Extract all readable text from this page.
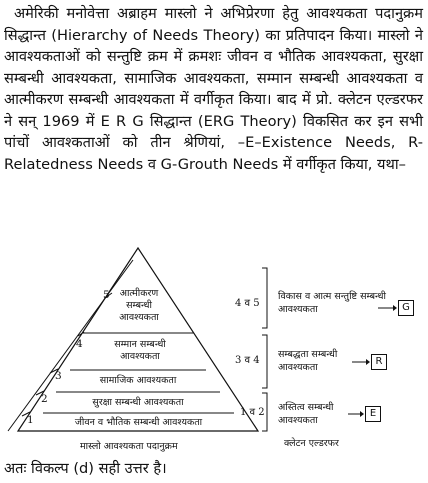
अमेरिकी मनोवेत्ता अब्राहम मास्लो ने अभिप्रेरणा हेतु आवश्यकता पदानुक्रम सिद्धान्त (Hierarchy of Needs Theory) का प्रतिपादन किया। मास्लो ने आवश्यकताओं को सन्तुष्टि क्रम में क्रमशः जीवन व भौतिक आवश्यकता, सुरक्षा सम्बन्धी आवश्यकता, सामाजिक आवश्यकता, सम्मान सम्बन्धी आवश्यकता व आत्मीकरण सम्बन्धी आवश्यकता में वर्गीकृत किया। बाद में प्रो. क्लेटन एल्डरफर ने सन् 1969 में E R G सिद्धान्त (ERG Theory) विकसित कर इन सभी पांचों आवश्कताओं को तीन श्रेणियां, –E–Existence Needs, R-Relatedness Needs व G-Grouth Needs में वर्गीकृत किया, यथा–
5	आत्मीकरण सम्बन्धी आवश्यकता
4	सम्मान सम्बन्धी आवश्यकता
3	सामाजिक आवश्यकता
2	सुरक्षा सम्बन्धी आवश्यकता
1	जीवन व भौतिक सम्बन्धी आवश्यकता
मास्लो आवश्यकता पदानुक्रम
4 व 5
विकास व आत्म सन्तुष्टि सम्बन्धी आवश्यकता	G
3 व 4
सम्बद्धता सम्बन्धी आवश्यकता
R
1 व 2 अस्तित्व सम्बन्धी आवश्यकता
E
क्लेटन एल्डरफर
अतः विकल्प (d) सही उत्तर है।
